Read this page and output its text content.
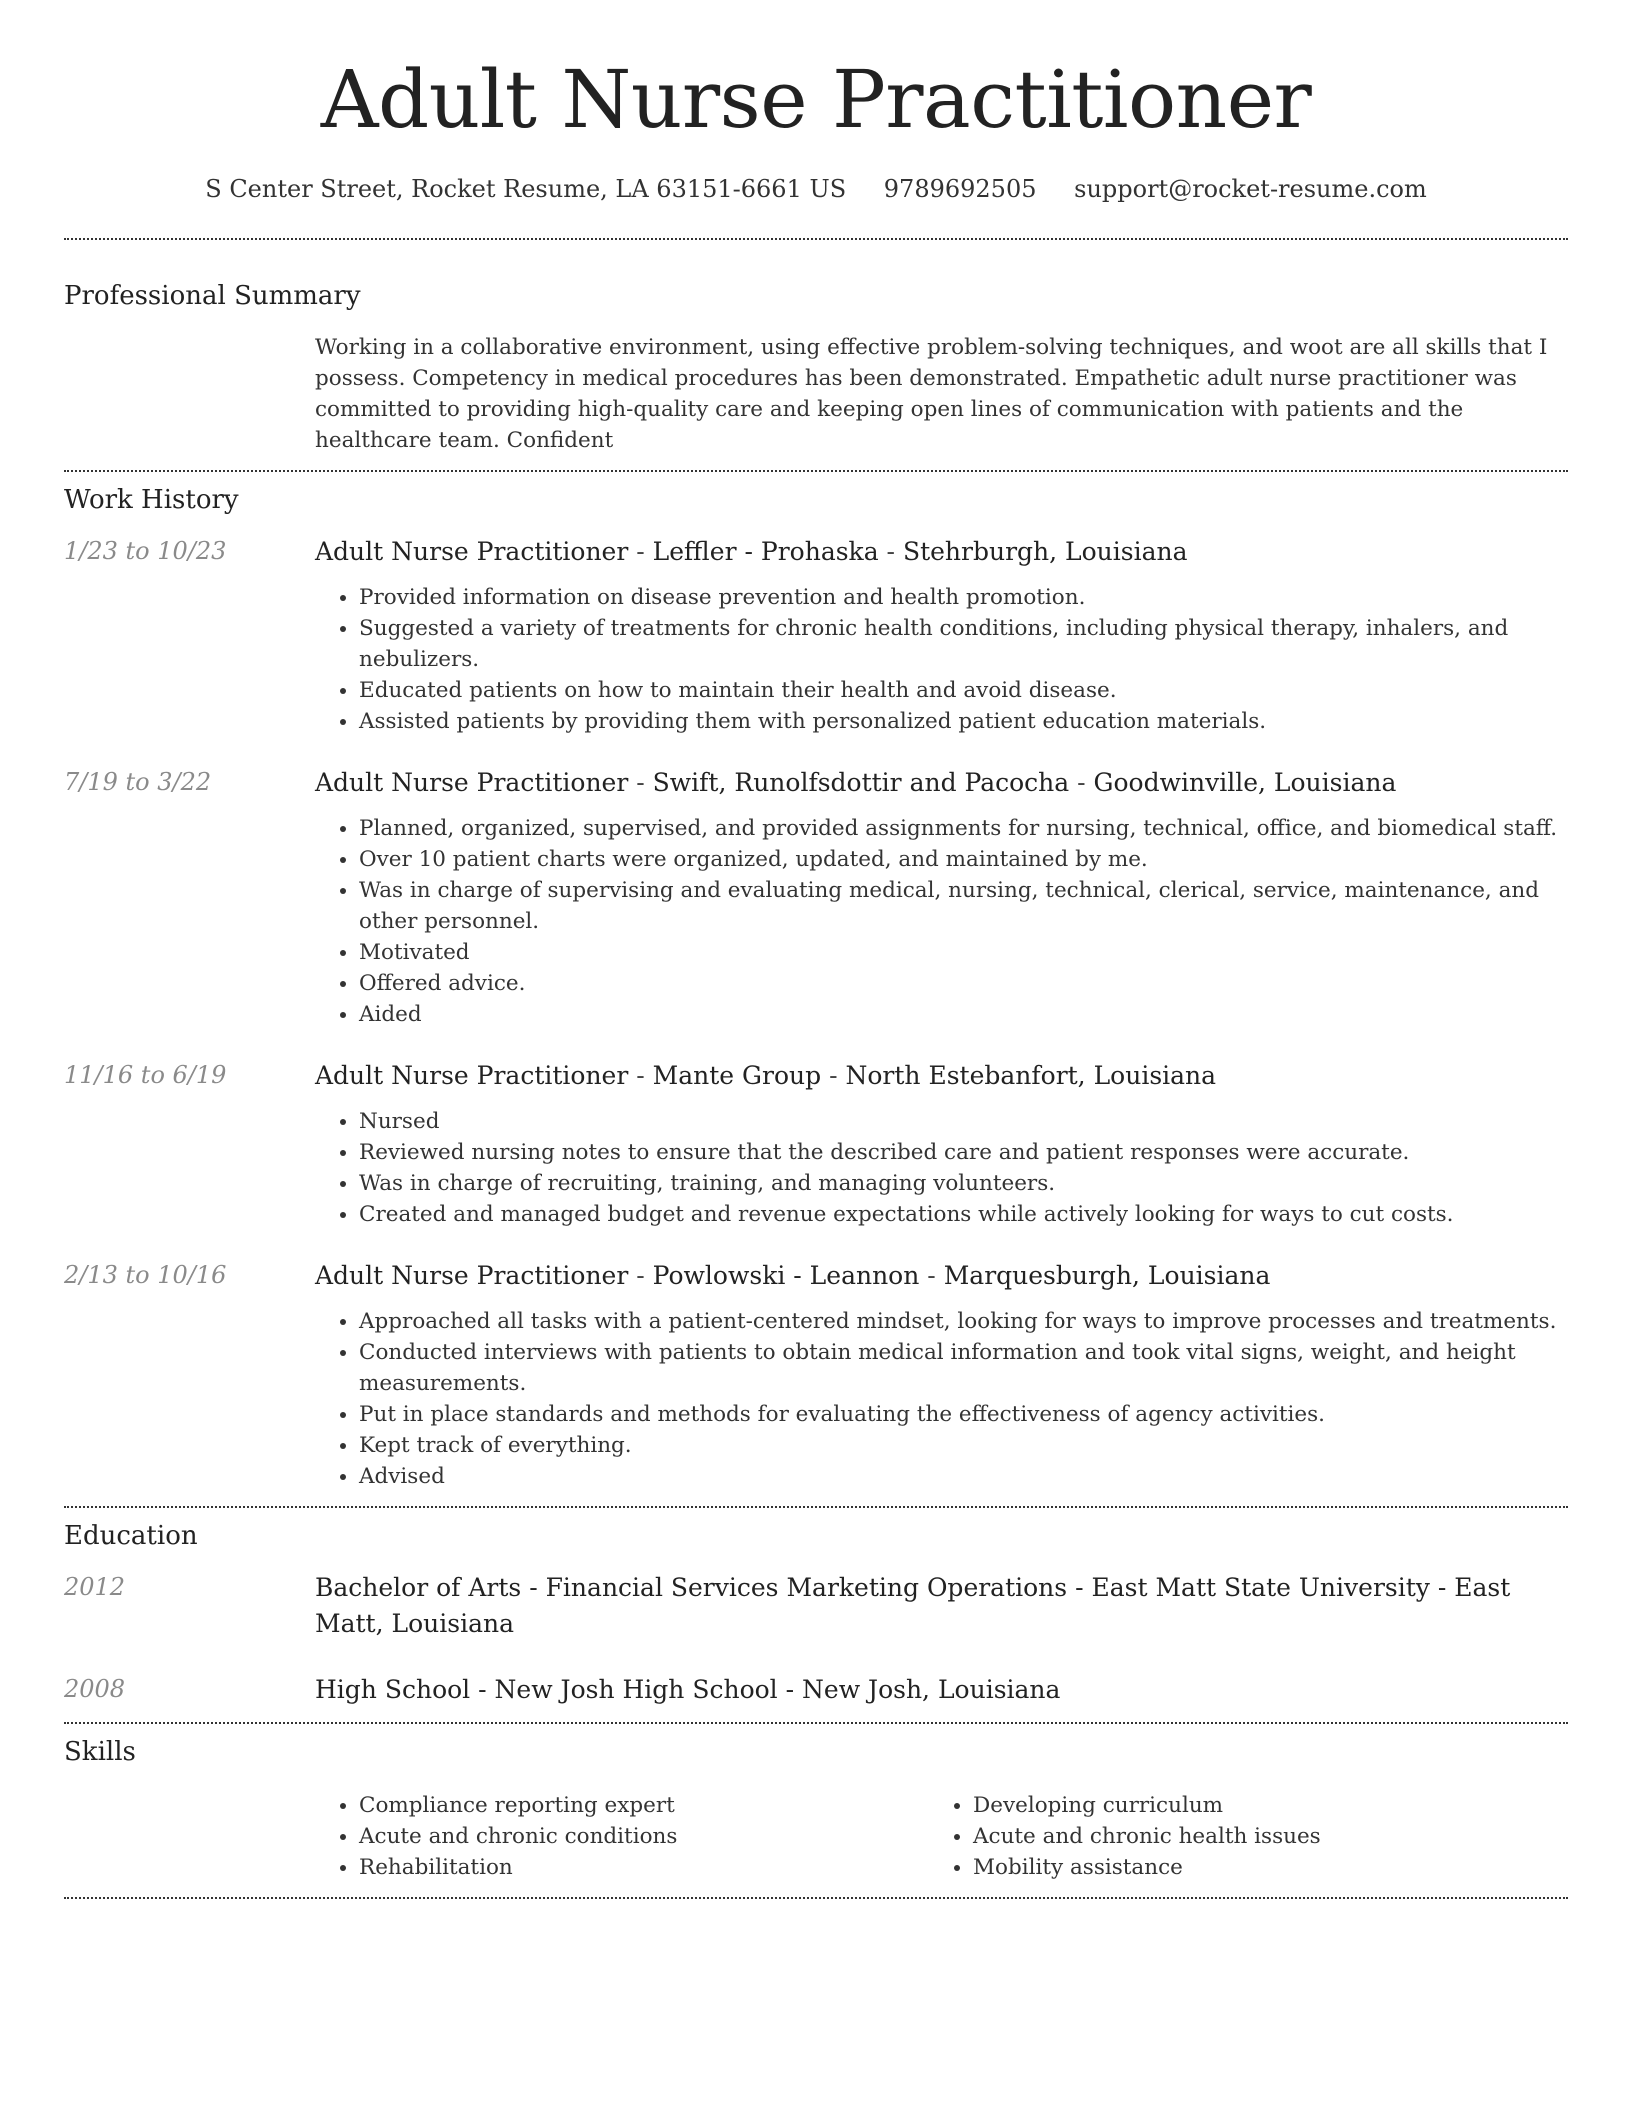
Adult Nurse Practitioner
S Center Street, Rocket Resume, LA 63151-6661 US 9789692505 support@rocket-resume.com
Professional Summary

Working in a collaborative environment, using effective problem-solving techniques, and woot are all skills that I possess. Competency in medical procedures has been demonstrated. Empathetic adult nurse practitioner was committed to providing high-quality care and keeping open lines of communication with patients and the healthcare team. Confident

Work History
1/23 to 10/23	Adult Nurse Practitioner - Leffler - Prohaska - Stehrburgh, Louisiana
• Provided information on disease prevention and health promotion.
• Suggested a variety of treatments for chronic health conditions, including physical therapy, inhalers, and nebulizers.
• Educated patients on how to maintain their health and avoid disease.
• Assisted patients by providing them with personalized patient education materials.
7/19 to 3/22	Adult Nurse Practitioner - Swift, Runolfsdottir and Pacocha - Goodwinville, Louisiana
• Planned, organized, supervised, and provided assignments for nursing, technical, office, and biomedical staff.
• Over 10 patient charts were organized, updated, and maintained by me.
• Was in charge of supervising and evaluating medical, nursing, technical, clerical, service, maintenance, and other personnel.
• Motivated
• Offered advice.
• Aided
11/16 to 6/19	Adult Nurse Practitioner - Mante Group - North Estebanfort, Louisiana
• Nursed
• Reviewed nursing notes to ensure that the described care and patient responses were accurate.
• Was in charge of recruiting, training, and managing volunteers.
• Created and managed budget and revenue expectations while actively looking for ways to cut costs.
2/13 to 10/16	Adult Nurse Practitioner - Powlowski - Leannon - Marquesburgh, Louisiana
• Approached all tasks with a patient-centered mindset, looking for ways to improve processes and treatments.
• Conducted interviews with patients to obtain medical information and took vital signs, weight, and height measurements.
• Put in place standards and methods for evaluating the effectiveness of agency activities.
• Kept track of everything.
• Advised
Education
2012	Bachelor of Arts - Financial Services Marketing Operations - East Matt State University - East Matt, Louisiana
2008	High School - New Josh High School - New Josh, Louisiana
Skills
• Compliance reporting expert
• Acute and chronic conditions
• Rehabilitation
• Developing curriculum
• Acute and chronic health issues
• Mobility assistance
